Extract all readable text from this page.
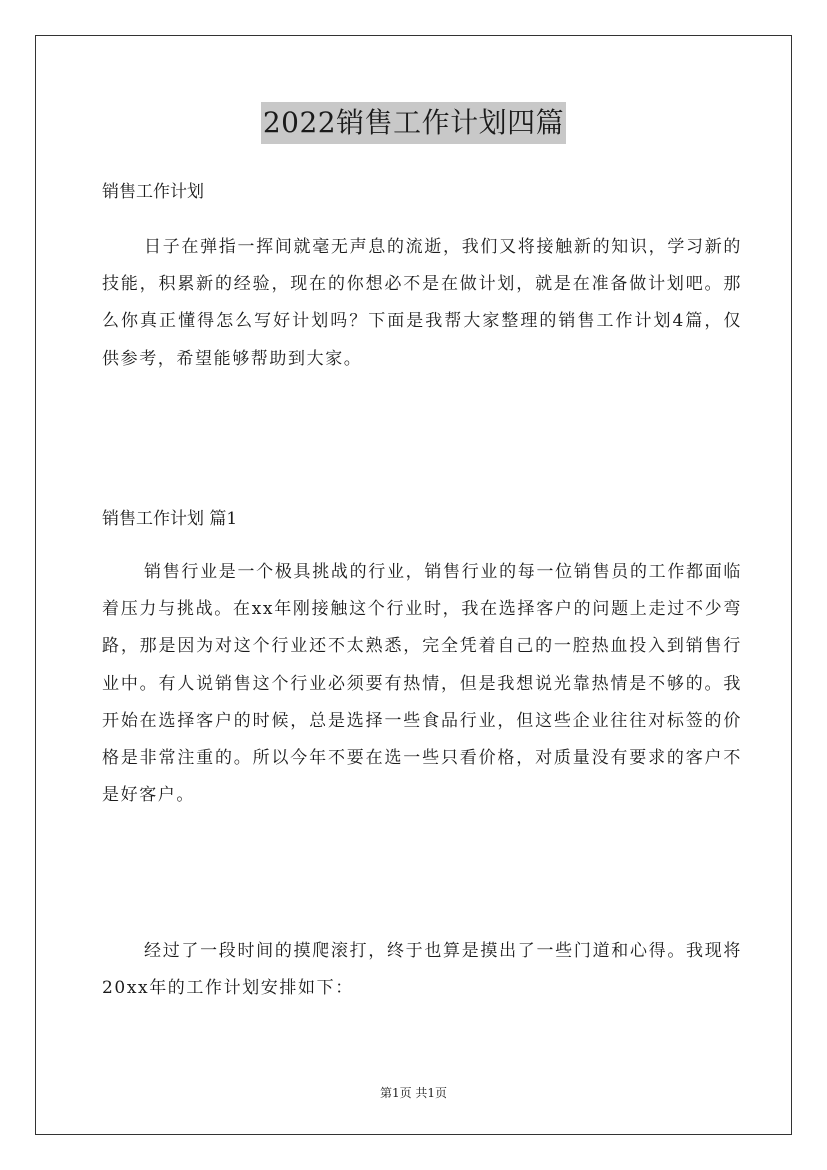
2022销售工作计划四篇

销售工作计划

日子在弹指一挥间就毫无声息的流逝，我们又将接触新的知识，学习新的技能，积累新的经验，现在的你想必不是在做计划，就是在准备做计划吧。那么你真正懂得怎么写好计划吗？下面是我帮大家整理的销售工作计划4篇，仅供参考，希望能够帮助到大家。

销售工作计划 篇1

销售行业是一个极具挑战的行业，销售行业的每一位销售员的工作都面临着压力与挑战。在xx年刚接触这个行业时，我在选择客户的问题上走过不少弯路，那是因为对这个行业还不太熟悉，完全凭着自己的一腔热血投入到销售行业中。有人说销售这个行业必须要有热情，但是我想说光靠热情是不够的。我开始在选择客户的时候，总是选择一些食品行业，但这些企业往往对标签的价格是非常注重的。所以今年不要在选一些只看价格，对质量没有要求的客户不是好客户。

经过了一段时间的摸爬滚打，终于也算是摸出了一些门道和心得。我现将20xx年的工作计划安排如下：

第1页 共1页
